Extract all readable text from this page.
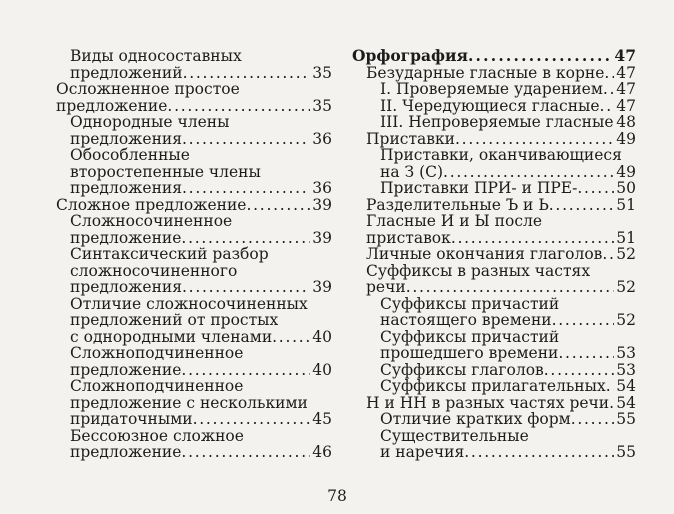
Виды односоставных
предложений . . .	35
Осложненное простое
предложение . . .	35
Однородные члены
предложения . . .	36
Обособленные
второстепенные члены
предложения . . .	36
Сложное предложение . . .	39
Сложносочиненное
предложение . . .	39
Синтаксический разбор
сложносочиненного
предложения . . .	39
Отличие сложносочиненных
предложений от простых
с однородными членами . . .	40
Сложноподчиненное
предложение . . .	40
Сложноподчиненное
предложение с несколькими
придаточными . . .	45
Бессоюзное сложное
предложение . . .	46
Орфография . . .	47
Безударные гласные в корне . . . 47
I. Проверяемые ударением . . . 47
II. Чередующиеся гласные . . . 47
III. Непроверяемые гласные . . . 48
Приставки . . .	49
Приставки, оканчивающиеся
на З (С) . . .	49
Приставки ПРИ- и ПРЕ- . . .	50
Разделительные Ъ и Ь . . .	51
Гласные И и Ы после
приставок . . .	51
Личные окончания глаголов . . . 52
Суффиксы в разных частях
речи . . .	52
Суффиксы причастий
настоящего времени . . .	52
Суффиксы причастий
прошедшего времени . . .	53
Суффиксы глаголов . . .	53
Суффиксы прилагательных . . . 54
Н и НН в разных частях речи . . . 54
Отличие кратких форм . . .	55
Существительные
и наречия . . .	55
78
